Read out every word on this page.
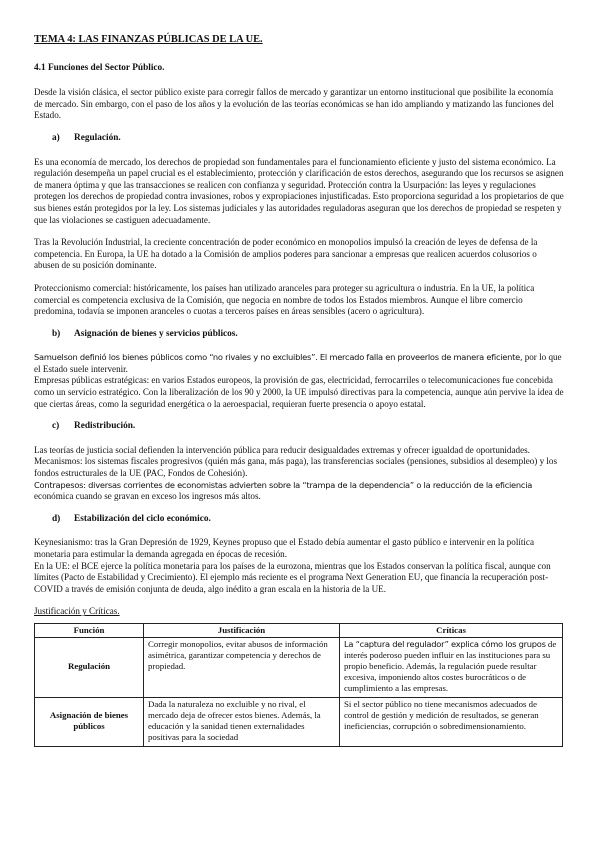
TEMA 4: LAS FINANZAS PÚBLICAS DE LA UE.
4.1 Funciones del Sector Público.

Desde la visión clásica, el sector público existe para corregir fallos de mercado y garantizar un entorno institucional que posibilite la economía de mercado. Sin embargo, con el paso de los años y la evolución de las teorías económicas se han ido ampliando y matizando las funciones del Estado.

a) Regulación.

Es una economía de mercado, los derechos de propiedad son fundamentales para el funcionamiento eficiente y justo del sistema económico. La regulación desempeña un papel crucial es el establecimiento, protección y clarificación de estos derechos, asegurando que los recursos se asignen de manera óptima y que las transacciones se realicen con confianza y seguridad. Protección contra la Usurpación: las leyes y regulaciones protegen los derechos de propiedad contra invasiones, robos y expropiaciones injustificadas. Esto proporciona seguridad a los propietarios de que sus bienes están protegidos por la ley. Los sistemas judiciales y las autoridades reguladoras aseguran que los derechos de propiedad se respeten y que las violaciones se castiguen adecuadamente.

Tras la Revolución Industrial, la creciente concentración de poder económico en monopolios impulsó la creación de leyes de defensa de la competencia. En Europa, la UE ha dotado a la Comisión de amplios poderes para sancionar a empresas que realicen acuerdos colusorios o abusen de su posición dominante.

Proteccionismo comercial: históricamente, los países han utilizado aranceles para proteger su agricultura o industria. En la UE, la política comercial es competencia exclusiva de la Comisión, que negocia en nombre de todos los Estados miembros. Aunque el libre comercio predomina, todavía se imponen aranceles o cuotas a terceros países en áreas sensibles (acero o agricultura).

b) Asignación de bienes y servicios públicos.

Samuelson definió los bienes públicos como “no rivales y no excluibles”. El mercado falla en proveerlos de manera eficiente, por lo que el Estado suele intervenir.

Empresas públicas estratégicas: en varios Estados europeos, la provisión de gas, electricidad, ferrocarriles o telecomunicaciones fue concebida como un servicio estratégico. Con la liberalización de los 90 y 2000, la UE impulsó directivas para la competencia, aunque aún pervive la idea de que ciertas áreas, como la seguridad energética o la aeroespacial, requieran fuerte presencia o apoyo estatal.

c) Redistribución.

Las teorías de justicia social defienden la intervención pública para reducir desigualdades extremas y ofrecer igualdad de oportunidades.

Mecanismos: los sistemas fiscales progresivos (quién más gana, más paga), las transferencias sociales (pensiones, subsidios al desempleo) y los fondos estructurales de la UE (PAC, Fondos de Cohesión).

Contrapesos: diversas corrientes de economistas advierten sobre la “trampa de la dependencia” o la reducción de la eficiencia económica cuando se gravan en exceso los ingresos más altos.

d) Estabilización del ciclo económico.

Keynesianismo: tras la Gran Depresión de 1929, Keynes propuso que el Estado debía aumentar el gasto público e intervenir en la política monetaria para estimular la demanda agregada en épocas de recesión.

En la UE: el BCE ejerce la política monetaria para los países de la eurozona, mientras que los Estados conservan la política fiscal, aunque con límites (Pacto de Estabilidad y Crecimiento). El ejemplo más reciente es el programa Next Generation EU, que financia la recuperación post-COVID a través de emisión conjunta de deuda, algo inédito a gran escala en la historia de la UE.

Justificación y Críticas.
Función	Justificación	Críticas
Regulación	Corregir monopolios, evitar abusos de información asimétrica, garantizar competencia y derechos de propiedad.	La “captura del regulador” explica cómo los grupos de interés poderoso pueden influir en las instituciones para su propio beneficio. Además, la regulación puede resultar excesiva, imponiendo altos costes burocráticos o de cumplimiento a las empresas.
Asignación de bienes públicos	Dada la naturaleza no excluible y no rival, el mercado deja de ofrecer estos bienes. Además, la educación y la sanidad tienen externalidades positivas para la sociedad	Si el sector público no tiene mecanismos adecuados de control de gestión y medición de resultados, se generan ineficiencias, corrupción o sobredimensionamiento.
